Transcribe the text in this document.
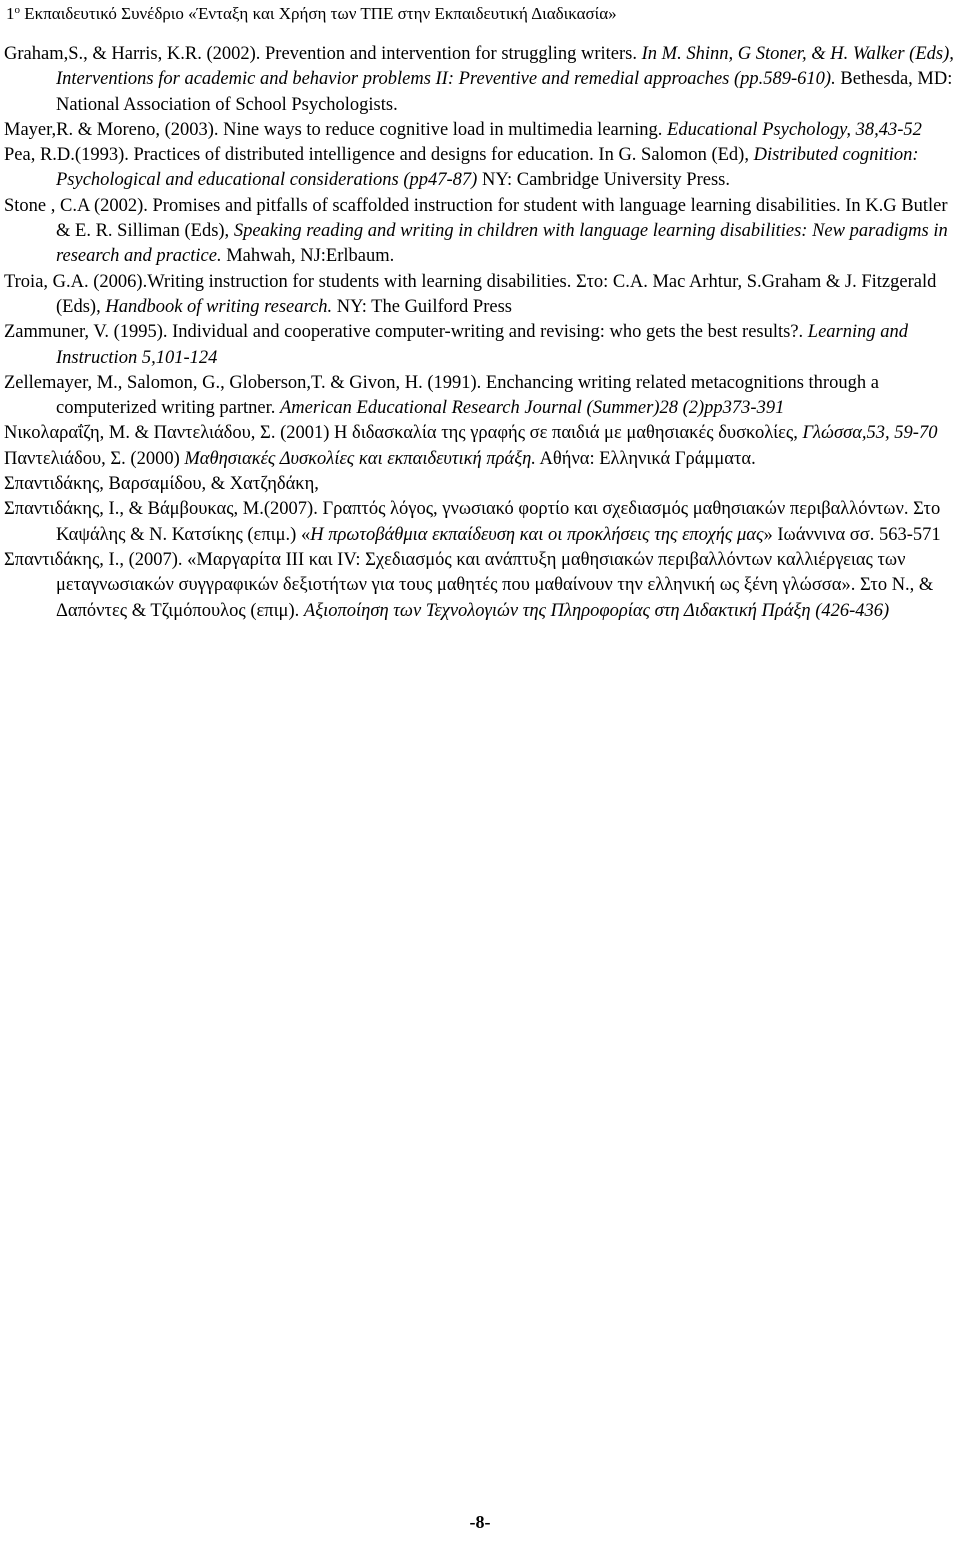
$1^o$ Εκπαιδευτικό Συνέδριο «Ένταξη και Χρήση των ΤΠΕ στην Εκπαιδευτική Διαδικασία»

Graham,S., & Harris, K.R. (2002). Prevention and intervention for struggling writers. In M. Shinn, G Stoner, & H. Walker (Eds), Interventions for academic and behavior problems II: Preventive and remedial approaches (pp.589-610). Bethesda, MD: National Association of School Psychologists.

Mayer,R. & Moreno, (2003). Nine ways to reduce cognitive load in multimedia learning. Educational Psychology, 38,43-52

Pea, R.D.(1993). Practices of distributed intelligence and designs for education. In G. Salomon (Ed), Distributed cognition: Psychological and educational considerations (pp47-87) NY: Cambridge University Press.

Stone , C.A (2002). Promises and pitfalls of scaffolded instruction for student with language learning disabilities. In K.G Butler & E. R. Silliman (Eds), Speaking reading and writing in children with language learning disabilities: New paradigms in research and practice. Mahwah, NJ:Erlbaum.

Troia, G.A. (2006).Writing instruction for students with learning disabilities. Στο: C.A. Mac Arhtur, S.Graham & J. Fitzgerald (Eds), Handbook of writing research. NY: The Guilford Press

Zammuner, V. (1995). Individual and cooperative computer-writing and revising: who gets the best results?. Learning and Instruction 5,101-124

Zellemayer, M., Salomon, G., Globerson,T. & Givon, H. (1991). Enchancing writing related metacognitions through a computerized writing partner. American Educational Research Journal (Summer)28 (2)pp373-391

Νικολαραΐζη, Μ. & Παντελιάδου, Σ. (2001) Η διδασκαλία της γραφής σε παιδιά με μαθησιακές δυσκολίες, Γλώσσα,53, 59-70

Παντελιάδου, Σ. (2000) Μαθησιακές Δυσκολίες και εκπαιδευτική πράξη. Αθήνα: Ελληνικά Γράμματα.

Σπαντιδάκης, Βαρσαμίδου, & Χατζηδάκη,

Σπαντιδάκης, Ι., & Βάμβουκας, Μ.(2007). Γραπτός λόγος, γνωσιακό φορτίο και σχεδιασμός μαθησιακών περιβαλλόντων. Στο Καψάλης & Ν. Κατσίκης (επιμ.) «Η πρωτοβάθμια εκπαίδευση και οι προκλήσεις της εποχής μας» Ιωάννινα σσ. 563-571

Σπαντιδάκης, Ι., (2007). «Μαργαρίτα ΙΙΙ και IV: Σχεδιασμός και ανάπτυξη μαθησιακών περιβαλλόντων καλλιέργειας των μεταγνωσιακών συγγραφικών δεξιοτήτων για τους μαθητές που μαθαίνουν την ελληνική ως ξένη γλώσσα». Στο Ν., & Δαπόντες & Τζιμόπουλος (επιμ). Αξιοποίηση των Τεχνολογιών της Πληροφορίας στη Διδακτική Πράξη (426-436)

-8-
